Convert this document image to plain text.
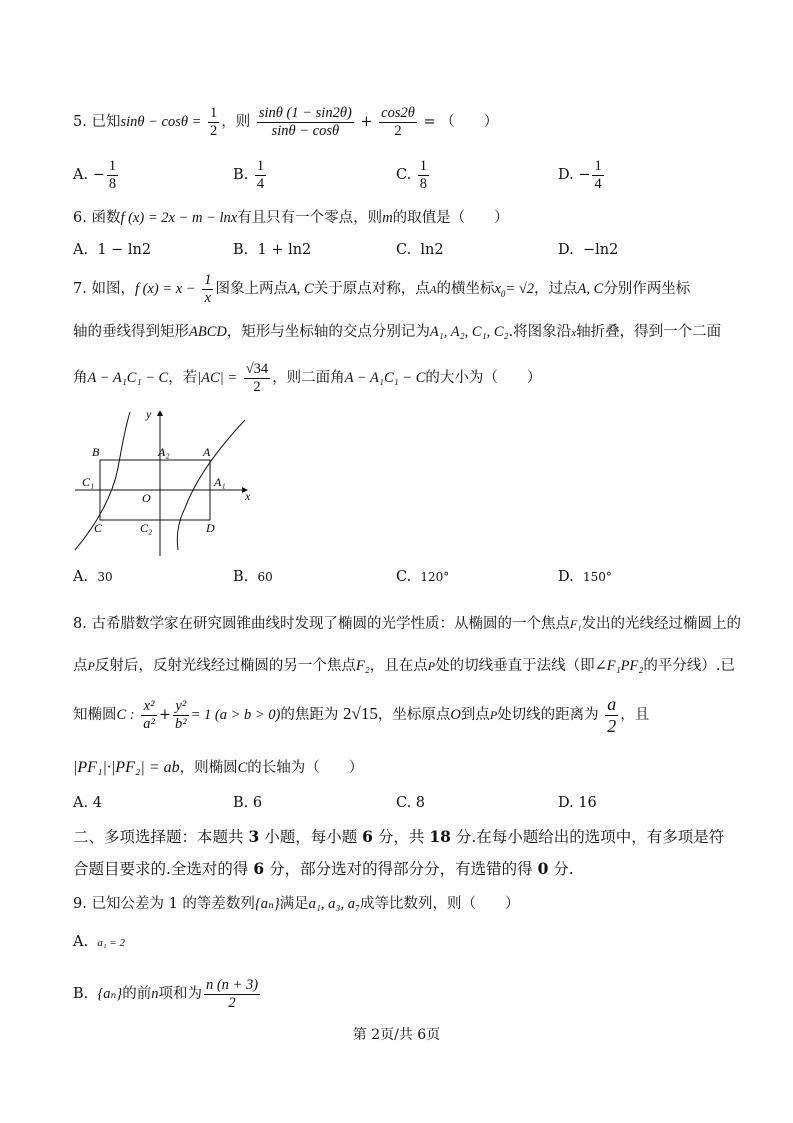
5. 已知$\sin\theta - \cos\theta = \frac{1}{2}$ ，则 $\frac{\sin\theta (1 - \sin 2\theta)}{\sin\theta - \cos\theta} + \frac{\cos 2\theta}{2}$ = （　　）
A. − $\frac{1}{8}$	B. $\frac{1}{4}$	C. $\frac{1}{8}$	D. − $\frac{1}{4}$
6. 函数f (x) = 2x − m − lnx有且只有一个零点，则m的取值是（　　）
A. 1 − ln2	B. 1 + ln2	C. ln2	D. −ln2
7. 如图，f $(x) = x - \frac{1}{x}$ 图象上两点A, C关于原点对称，点A的横坐标$x_0= √2$，过点A, C分别作两坐标
轴的垂线得到矩形ABCD，矩形与坐标轴的交点分别记为A₁, A₂, C₁, C₂.将图象沿x轴折叠，得到一个二面
角A − A₁C₁ − C，若$|AC| = \frac{√34}{2}$ ，则二面角A − A₁C₁ − C的大小为（　　）
y
x
B	A₂	A
C₁
O
A₁
C	C₂	D
A. 30	B. 60	C. 120°	D. 150°
8. 古希腊数学家在研究圆锥曲线时发现了椭圆的光学性质：从椭圆的一个焦点F₁发出的光线经过椭圆上的
点P反射后，反射光线经过椭圆的另一个焦点F₂，且在点P处的切线垂直于法线（即∠F₁PF₂的平分线）.已
知椭圆C : $\frac{\text{x²}}{\text{a²}} + \frac{\text{y²}}{\text{b²}} = 1$ (a > b > 0)的焦距为 2√15，坐标原点O到点P处切线的距离为 $\frac{a}{2}$ ，且
|PF₁|·|PF₂| = ab，则椭圆C的长轴为（　　）
A. 4	B. 6	C. 8	D. 16
二、多项选择题：本题共 3 小题，每小题 6 分，共 18 分.在每小题给出的选项中，有多项是符
合题目要求的.全选对的得 6 分，部分选对的得部分分，有选错的得 0 分.
9. 已知公差为 1 的等差数列{aₙ}满足a₁, a₃, a₇成等比数列，则（　　）
A. a₁ = 2
B. {aₙ}的前n项和为 $\frac{n (n + 3)}{2}$
第 2页/共 6页
